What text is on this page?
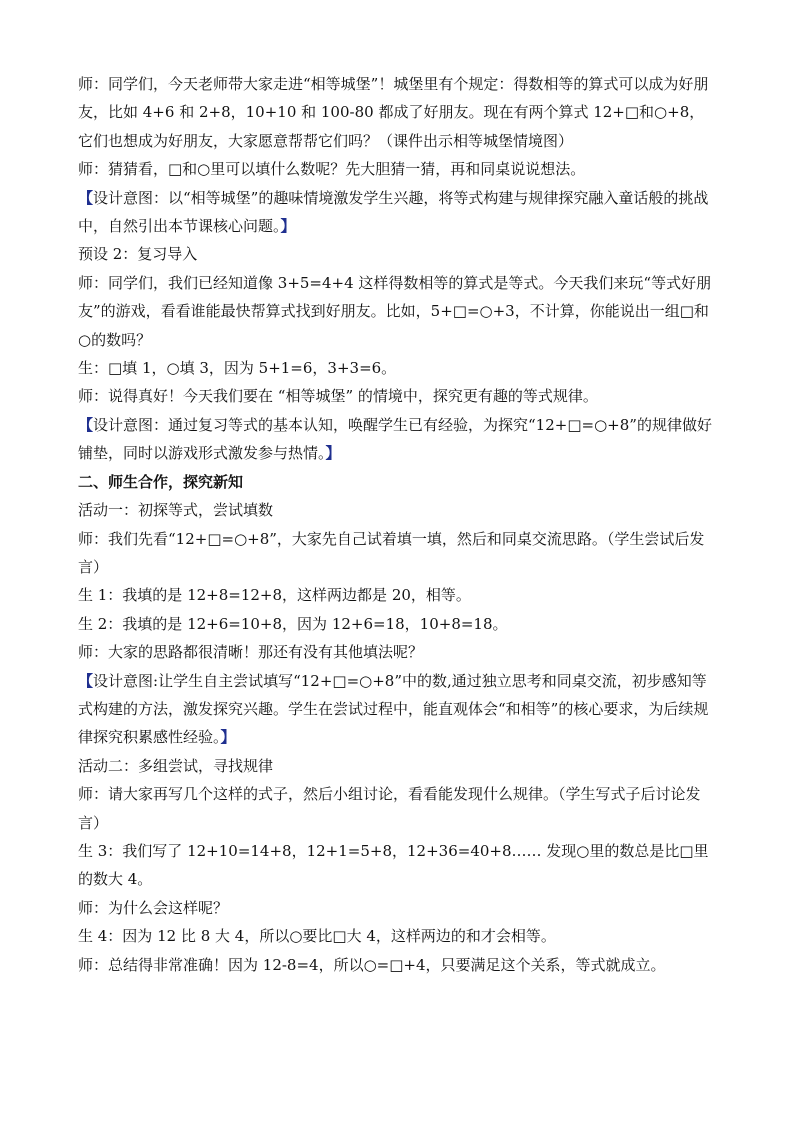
师：同学们，今天老师带大家走进“相等城堡”！城堡里有个规定：得数相等的算式可以成为好朋友，比如 4+6 和 2+8，10+10 和 100-80 都成了好朋友。现在有两个算式 12+□和○+8，它们也想成为好朋友，大家愿意帮帮它们吗？（课件出示相等城堡情境图）

师：猜猜看，□和○里可以填什么数呢？先大胆猜一猜，再和同桌说说想法。

【设计意图：以“相等城堡”的趣味情境激发学生兴趣，将等式构建与规律探究融入童话般的挑战中，自然引出本节课核心问题。】

预设 2：复习导入

师：同学们，我们已经知道像 3+5=4+4 这样得数相等的算式是等式。今天我们来玩“等式好朋友”的游戏，看看谁能最快帮算式找到好朋友。比如，5+□=○+3，不计算，你能说出一组□和○的数吗？

生：□填 1，○填 3，因为 5+1=6，3+3=6。

师：说得真好！今天我们要在 “相等城堡” 的情境中，探究更有趣的等式规律。

【设计意图：通过复习等式的基本认知，唤醒学生已有经验，为探究“12+□=○+8”的规律做好铺垫，同时以游戏形式激发参与热情。】

二、师生合作，探究新知

活动一：初探等式，尝试填数

师：我们先看“12+□=○+8”，大家先自己试着填一填，然后和同桌交流思路。（学生尝试后发言）

生 1：我填的是 12+8=12+8，这样两边都是 20，相等。

生 2：我填的是 12+6=10+8，因为 12+6=18，10+8=18。

师：大家的思路都很清晰！那还有没有其他填法呢？

【设计意图:让学生自主尝试填写“12+□=○+8”中的数,通过独立思考和同桌交流，初步感知等式构建的方法，激发探究兴趣。学生在尝试过程中，能直观体会“和相等”的核心要求，为后续规律探究积累感性经验。】

活动二：多组尝试，寻找规律

师：请大家再写几个这样的式子，然后小组讨论，看看能发现什么规律。（学生写式子后讨论发言）

生 3：我们写了 12+10=14+8，12+1=5+8，12+36=40+8…… 发现○里的数总是比□里的数大 4。

师：为什么会这样呢？

生 4：因为 12 比 8 大 4，所以○要比□大 4，这样两边的和才会相等。

师：总结得非常准确！因为 12-8=4，所以○=□+4，只要满足这个关系，等式就成立。
